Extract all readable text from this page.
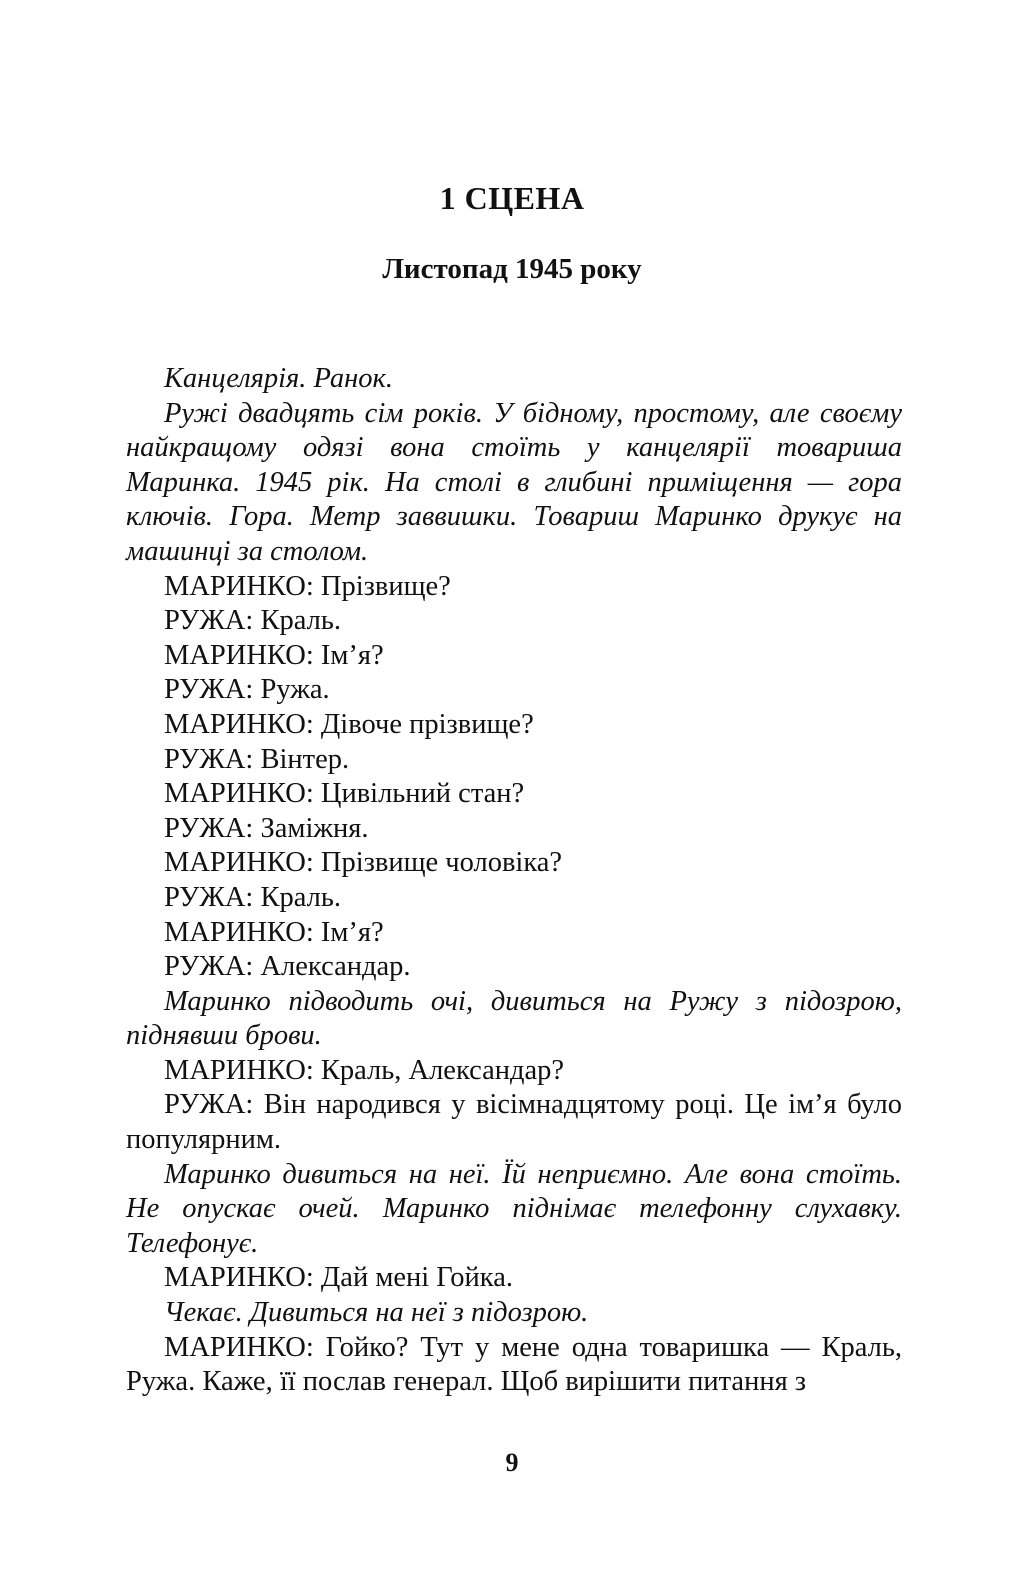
1 СЦЕНА
Листопад 1945 року

Канцелярія. Ранок.

Ружі двадцять сім років. У бідному, простому, але своєму найкращому одязі вона стоїть у канцелярії товариша Маринка. 1945 рік. На столі в глибині приміщення — гора ключів. Гора. Метр заввишки. Товариш Маринко друкує на машинці за столом.

МАРИНКО: Прізвище?

РУЖА: Краль.

МАРИНКО: Ім’я?

РУЖА: Ружа.

МАРИНКО: Дівоче прізвище?

РУЖА: Вінтер.

МАРИНКО: Цивільний стан?

РУЖА: Заміжня.

МАРИНКО: Прізвище чоловіка?

РУЖА: Краль.

МАРИНКО: Ім’я?

РУЖА: Александар.

Маринко підводить очі, дивиться на Ружу з підозрою, піднявши брови.

МАРИНКО: Краль, Александар?

РУЖА: Він народився у вісімнадцятому році. Це ім’я було популярним.

Маринко дивиться на неї. Їй неприємно. Але вона стоїть. Не опускає очей. Маринко піднімає телефонну слухавку. Телефонує.

МАРИНКО: Дай мені Гойка.

Чекає. Дивиться на неї з підозрою.

МАРИНКО: Гойко? Тут у мене одна товаришка — Краль, Ружа. Каже, її послав генерал. Щоб вирішити питання з

9
